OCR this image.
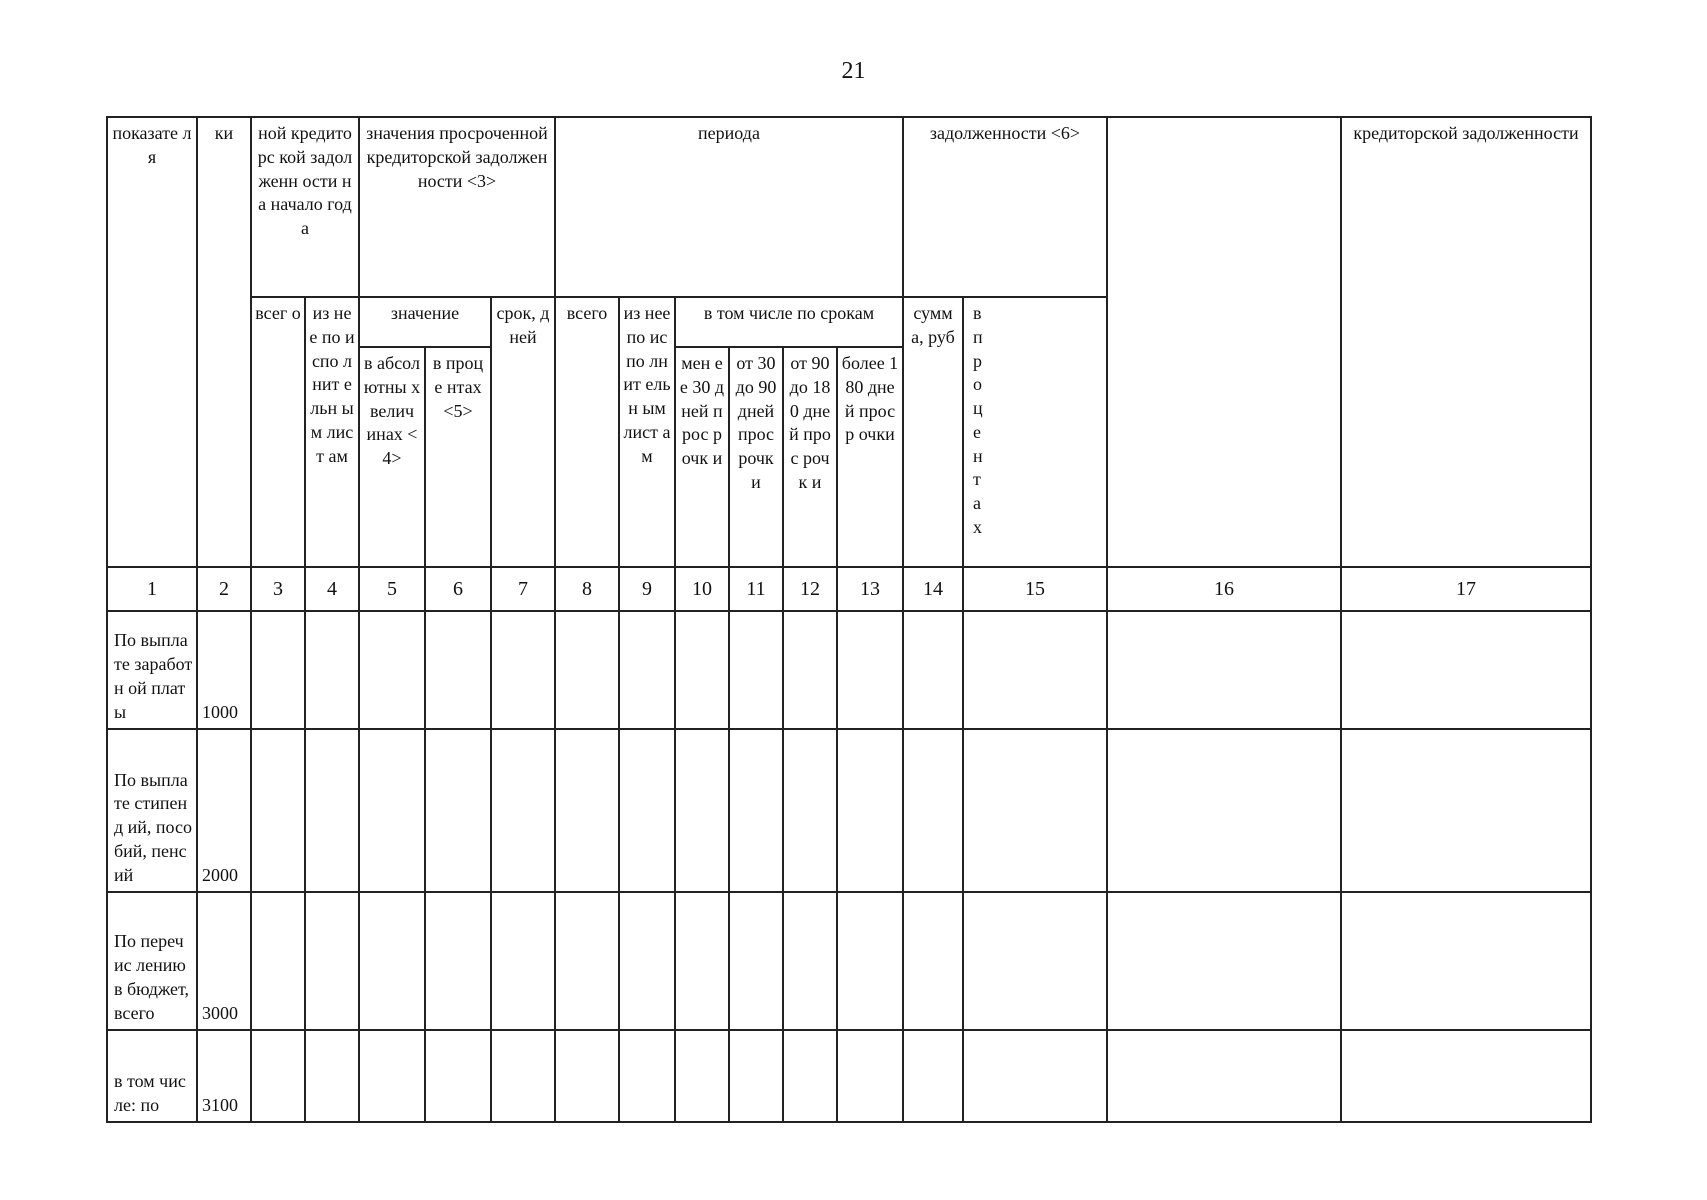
21
показате ля	ки	ной кредиторс кой задолженн ости на начало года		значения просроченной кредиторской задолженности <3>			периода						задолженности <6>			кредиторской задолженности
		всег о	из нее по испо лнит ельн ым лист ам	значение		срок, дней	всего	из нее по испо лнит ельн ым лист ам	в том числе по срокам				сумм а, руб	впроцентах		

				в абсол ютны х велич инах <4>	в проце нтах <5>				мен ее 30 дней прос рочк и	от 30 до 90 дней прос рочк и	от 90 до 180 дней прос рочк и	более 180 дней проср очки				
1	2	3	4	5	6	7	8	9	10	11	12	13	14	15	16	17
По выплате заработн ой платы	1000															
По выплате стипенд ий, пособий, пенсий	2000															
По перечис лению в бюджет, всего	3000															
в том числе: по	3100															
